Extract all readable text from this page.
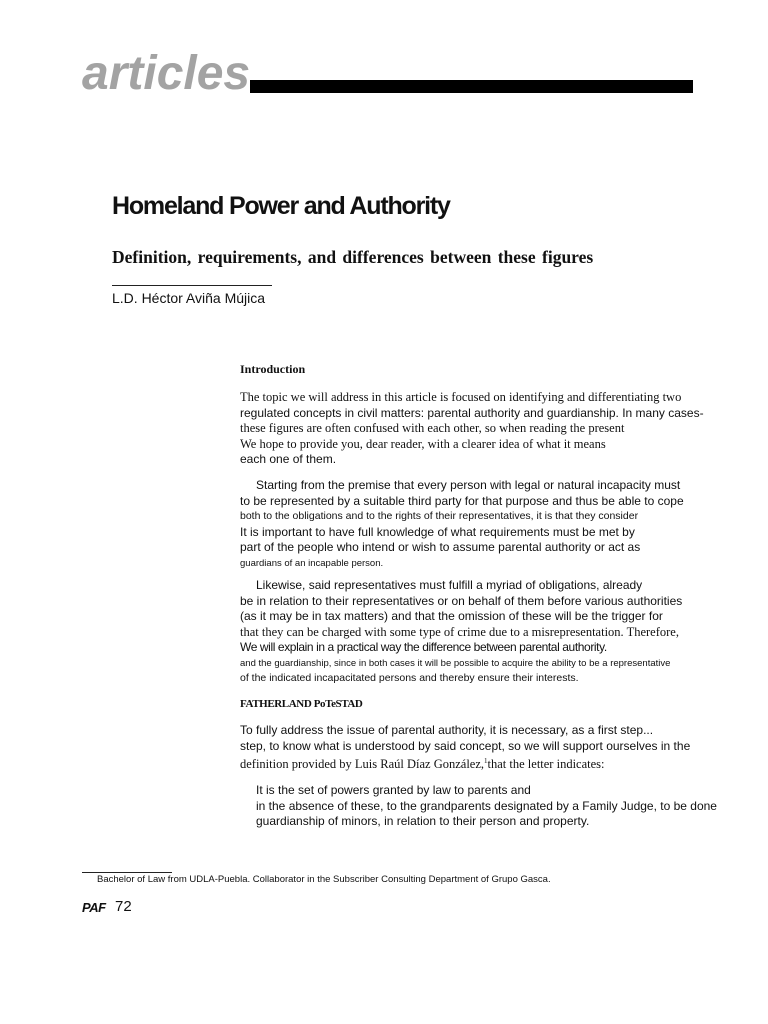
articles
Homeland Power and Authority
Definition, requirements, and differences between these figures
L.D. Héctor Aviña Mújica
Introduction
The topic we will address in this article is focused on identifying and differentiating two
regulated concepts in civil matters: parental authority and guardianship. In many cases-
these figures are often confused with each other, so when reading the present
We hope to provide you, dear reader, with a clearer idea of what it means
each one of them.
Starting from the premise that every person with legal or natural incapacity must
to be represented by a suitable third party for that purpose and thus be able to cope
both to the obligations and to the rights of their representatives, it is that they consider
It is important to have full knowledge of what requirements must be met by
part of the people who intend or wish to assume parental authority or act as
guardians of an incapable person.
Likewise, said representatives must fulfill a myriad of obligations, already
be in relation to their representatives or on behalf of them before various authorities
(as it may be in tax matters) and that the omission of these will be the trigger for
that they can be charged with some type of crime due to a misrepresentation. Therefore,
We will explain in a practical way the difference between parental authority.
and the guardianship, since in both cases it will be possible to acquire the ability to be a representative
of the indicated incapacitated persons and thereby ensure their interests.
FATHERLAND PoTeSTAD
To fully address the issue of parental authority, it is necessary, as a first step...
step, to know what is understood by said concept, so we will support ourselves in the
definition provided by Luis Raúl Díaz González,$^1$that the letter indicates:
It is the set of powers granted by law to parents and
in the absence of these, to the grandparents designated by a Family Judge, to be done
guardianship of minors, in relation to their person and property.
Bachelor of Law from UDLA-Puebla. Collaborator in the Subscriber Consulting Department of Grupo Gasca.
PAF 72
